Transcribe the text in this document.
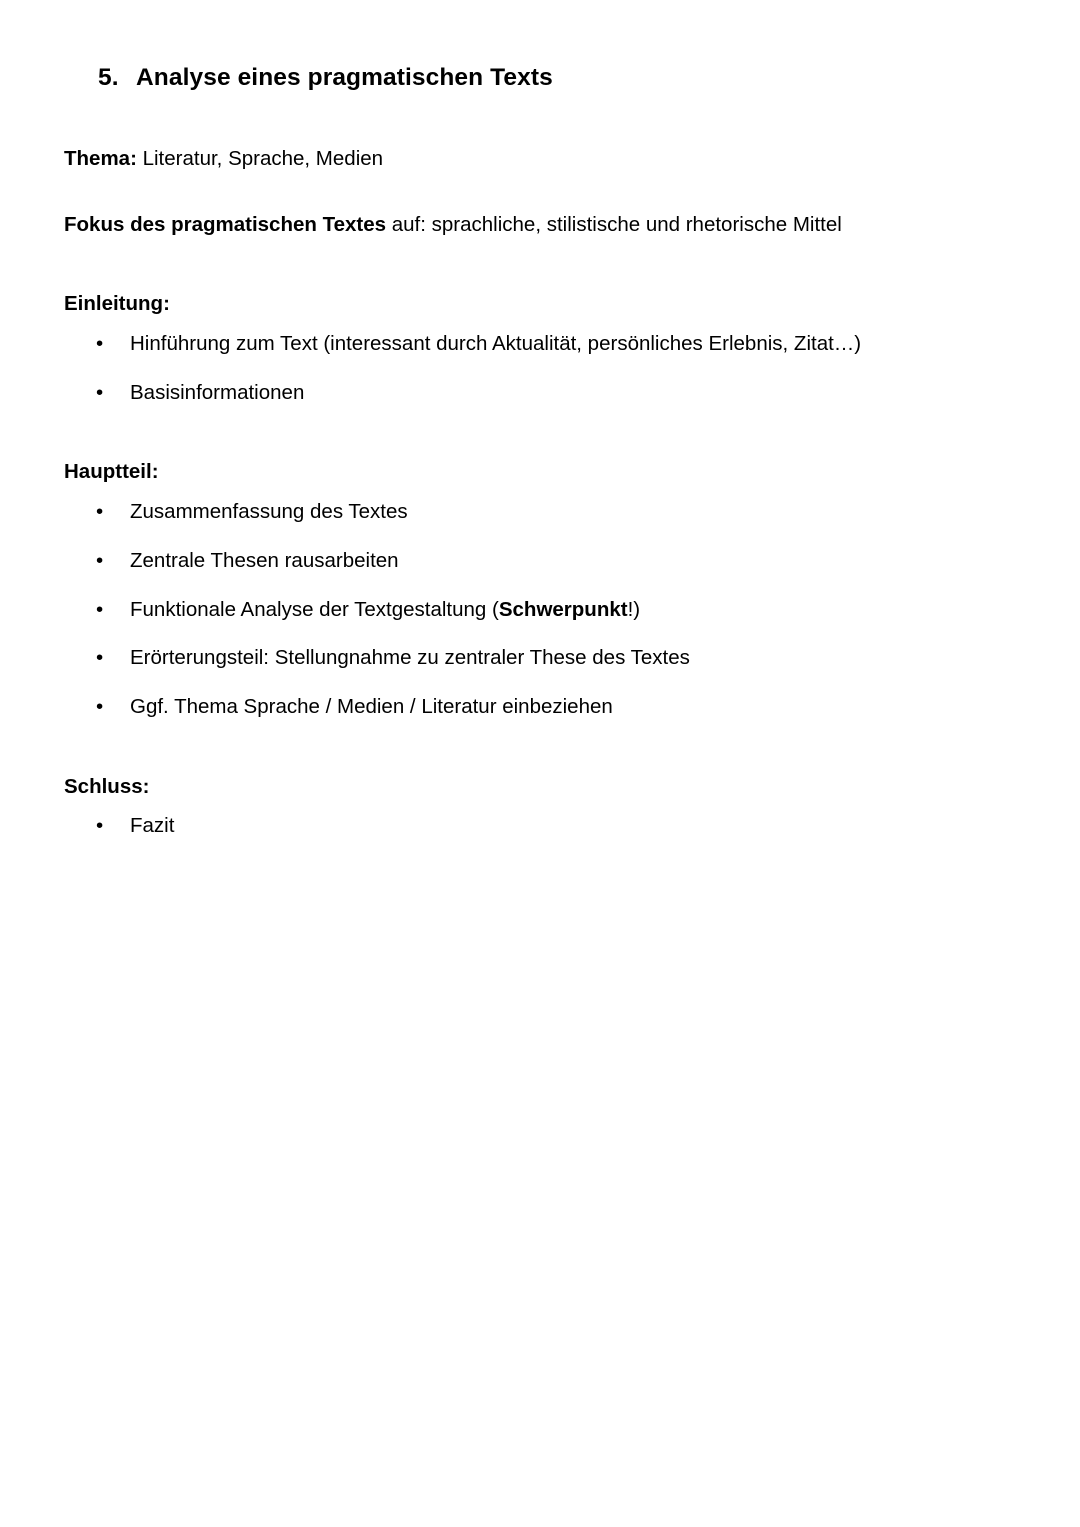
5. Analyse eines pragmatischen Texts

Thema: Literatur, Sprache, Medien

Fokus des pragmatischen Textes auf: sprachliche, stilistische und rhetorische Mittel

Einleitung:

• Hinführung zum Text (interessant durch Aktualität, persönliches Erlebnis, Zitat…)
• Basisinformationen

Hauptteil:

• Zusammenfassung des Textes
• Zentrale Thesen rausarbeiten
• Funktionale Analyse der Textgestaltung (Schwerpunkt!)
• Erörterungsteil: Stellungnahme zu zentraler These des Textes
• Ggf. Thema Sprache / Medien / Literatur einbeziehen

Schluss:

• Fazit
